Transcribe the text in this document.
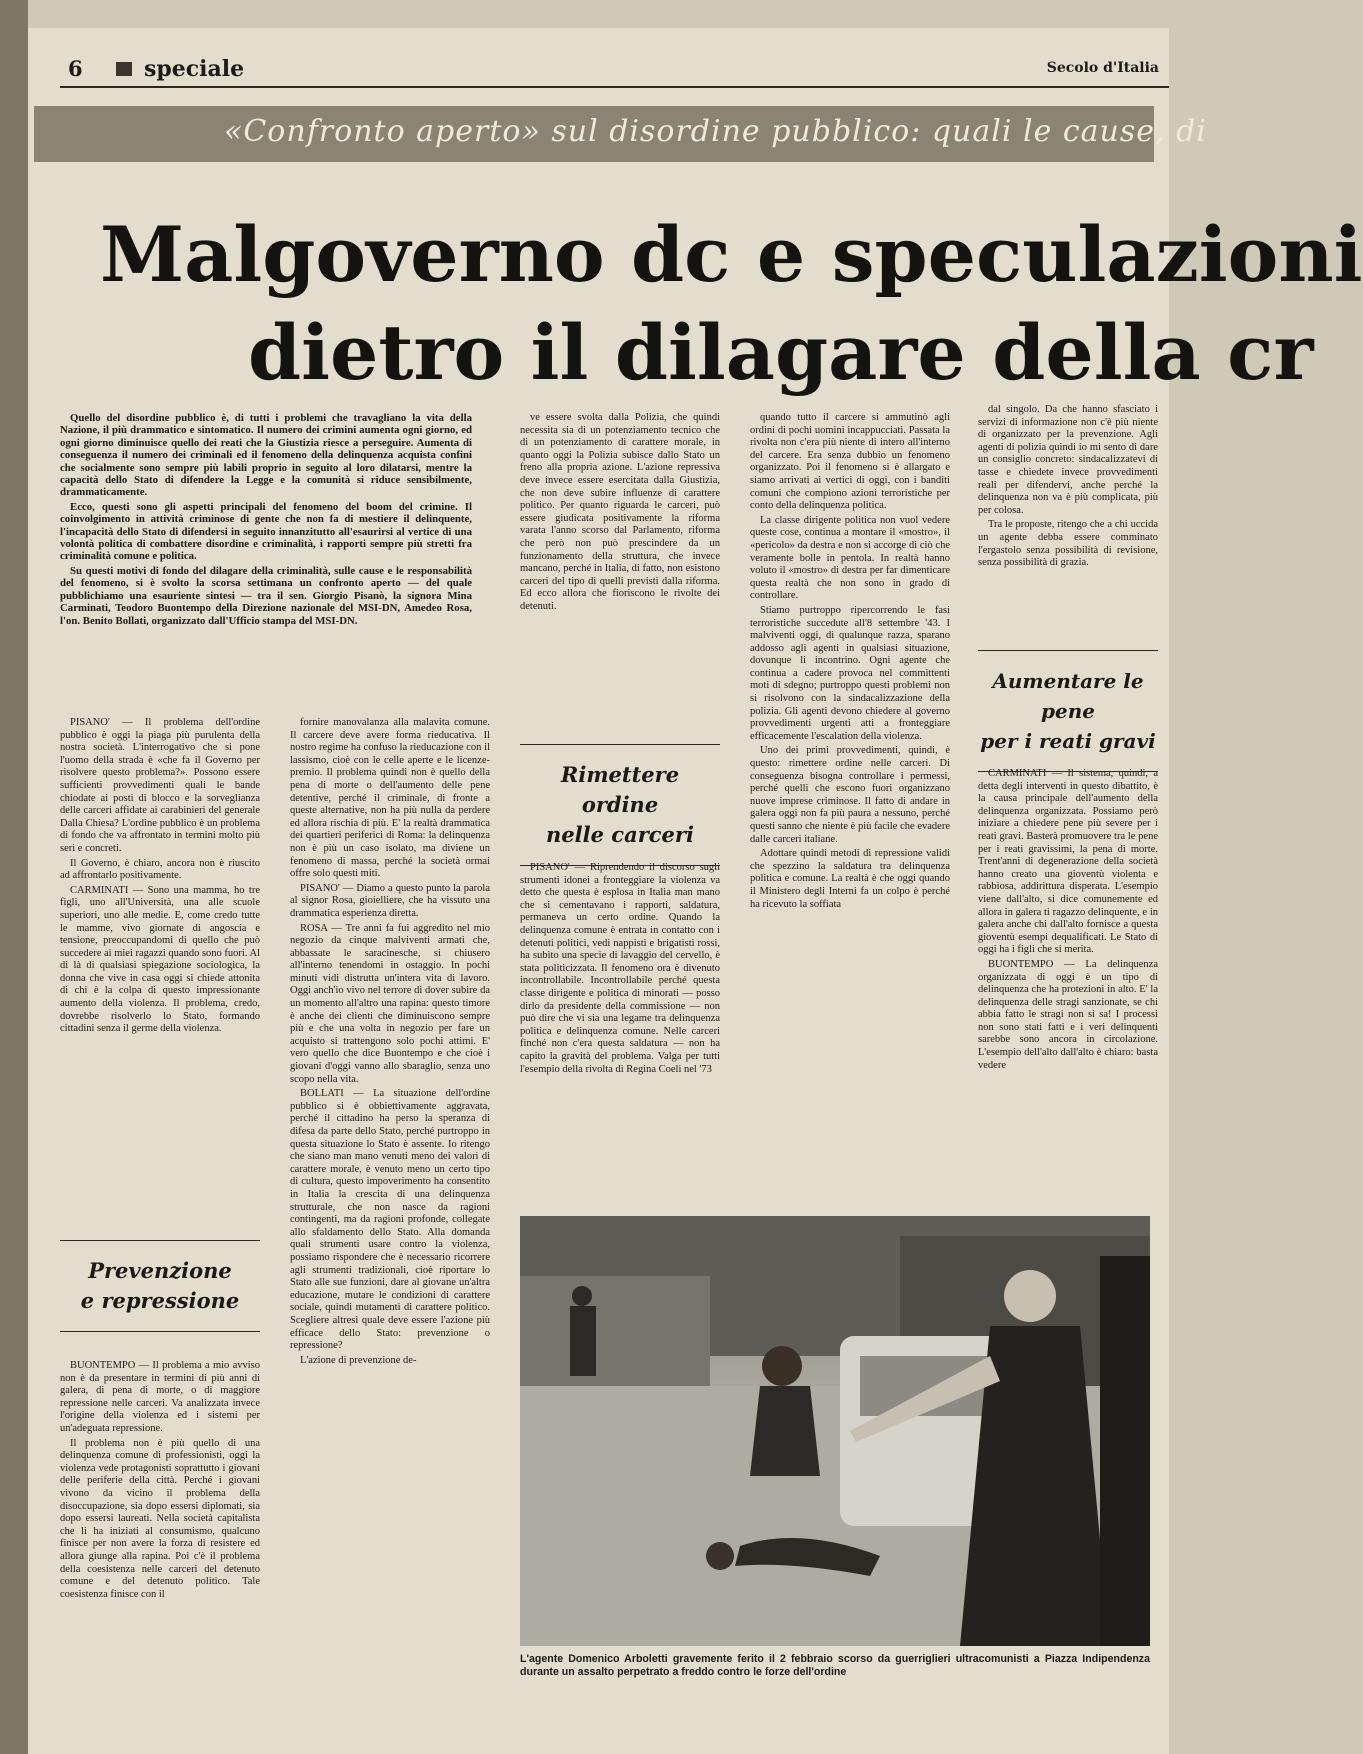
6	speciale	Secolo d'Italia
«Confronto aperto» sul disordine pubblico: quali le cause, di
Malgoverno dc e speculazioni
dietro il dilagare della cr

Quello del disordine pubblico è, di tutti i problemi che travagliano la vita della Nazione, il più drammatico e sintomatico. Il numero dei crimini aumenta ogni giorno, ed ogni giorno diminuisce quello dei reati che la Giustizia riesce a perseguire. Aumenta di conseguenza il numero dei criminali ed il fenomeno della delinquenza acquista confini che socialmente sono sempre più labili proprio in seguito al loro dilatarsi, mentre la capacità dello Stato di difendere la Legge e la comunità si riduce sensibilmente, drammaticamente.

Ecco, questi sono gli aspetti principali del fenomeno del boom del crimine. Il coinvolgimento in attività criminose di gente che non fa di mestiere il delinquente, l'incapacità dello Stato di difendersi in seguito innanzitutto all'esaurirsi al vertice di una volontà politica di combattere disordine e criminalità, i rapporti sempre più stretti fra criminalità comune e politica.

Su questi motivi di fondo del dilagare della criminalità, sulle cause e le responsabilità del fenomeno, si è svolto la scorsa settimana un confronto aperto — del quale pubblichiamo una esauriente sintesi — tra il sen. Giorgio Pisanò, la signora Mina Carminati, Teodoro Buontempo della Direzione nazionale del MSI-DN, Amedeo Rosa, l'on. Benito Bollati, organizzato dall'Ufficio stampa del MSI-DN.

PISANO' — Il problema dell'ordine pubblico è oggi la piaga più purulenta della nostra società. L'interrogativo che si pone l'uomo della strada è «che fa il Governo per risolvere questo problema?». Possono essere sufficienti provvedimenti quali le bande chiodate ai posti di blocco e la sorveglianza delle carceri affidate ai carabinieri del generale Dalla Chiesa? L'ordine pubblico è un problema di fondo che va affrontato in termini molto più seri e concreti.

Il Governo, è chiaro, ancora non è riuscito ad affrontarlo positivamente.

CARMINATI — Sono una mamma, ho tre figli, uno all'Università, una alle scuole superiori, uno alle medie. E, come credo tutte le mamme, vivo giornate di angoscia e tensione, preoccupandomi di quello che può succedere ai miei ragazzi quando sono fuori. Al di là di qualsiasi spiegazione sociologica, la donna che vive in casa oggi si chiede attonita di chi è la colpa di questo impressionante aumento della violenza. Il problema, credo, dovrebbe risolverlo lo Stato, formando cittadini senza il germe della violenza.

Prevenzione
e repressione

BUONTEMPO — Il problema a mio avviso non è da presentare in termini di più anni di galera, di pena di morte, o di maggiore repressione nelle carceri. Va analizzata invece l'origine della violenza ed i sistemi per un'adeguata repressione.

Il problema non è più quello di una delinquenza comune di professionisti, oggi la violenza vede protagonisti soprattutto i giovani delle periferie della città. Perché i giovani vivono da vicino il problema della disoccupazione, sia dopo essersi diplomati, sia dopo essersi laureati. Nella società capitalista che li ha iniziati al consumismo, qualcuno finisce per non avere la forza di resistere ed allora giunge alla rapina. Poi c'è il problema della coesistenza nelle carceri del detenuto comune e del detenuto politico. Tale coesistenza finisce con il

fornire manovalanza alla malavita comune. Il carcere deve avere forma rieducativa. Il nostro regime ha confuso la rieducazione con il lassismo, cioè con le celle aperte e le licenze-premio. Il problema quindi non è quello della pena di morte o dell'aumento delle pene detentive, perché il criminale, di fronte a queste alternative, non ha più nulla da perdere ed allora rischia di più. E' la realtà drammatica dei quartieri periferici di Roma: la delinquenza non è più un caso isolato, ma diviene un fenomeno di massa, perché la società ormai offre solo questi miti.

PISANO' — Diamo a questo punto la parola al signor Rosa, gioielliere, che ha vissuto una drammatica esperienza diretta.

ROSA — Tre anni fa fui aggredito nel mio negozio da cinque malviventi armati che, abbassate le saracinesche, si chiusero all'interno tenendomi in ostaggio. In pochi minuti vidi distrutta un'intera vita di lavoro. Oggi anch'io vivo nel terrore di dover subire da un momento all'altro una rapina: questo timore è anche dei clienti che diminuiscono sempre più e che una volta in negozio per fare un acquisto si trattengono solo pochi attimi. E' vero quello che dice Buontempo e che cioè i giovani d'oggi vanno allo sbaraglio, senza uno scopo nella vita.

BOLLATI — La situazione dell'ordine pubblico si è obbiettivamente aggravata, perché il cittadino ha perso la speranza di difesa da parte dello Stato, perché purtroppo in questa situazione lo Stato è assente. Io ritengo che siano man mano venuti meno dei valori di carattere morale, è venuto meno un certo tipo di cultura, questo impoverimento ha consentito in Italia la crescita di una delinquenza strutturale, che non nasce da ragioni contingenti, ma da ragioni profonde, collegate allo sfaldamento dello Stato. Alla domanda quali strumenti usare contro la violenza, possiamo rispondere che è necessario ricorrere agli strumenti tradizionali, cioè riportare lo Stato alle sue funzioni, dare al giovane un'altra educazione, mutare le condizioni di carattere sociale, quindi mutamenti di carattere politico. Scegliere altresì quale deve essere l'azione più efficace dello Stato: prevenzione o repressione?

L'azione di prevenzione de-

ve essere svolta dalla Polizia, che quindi necessita sia di un potenziamento tecnico che di un potenziamento di carattere morale, in quanto oggi la Polizia subisce dallo Stato un freno alla propria azione. L'azione repressiva deve invece essere esercitata dalla Giustizia, che non deve subire influenze di carattere politico. Per quanto riguarda le carceri, può essere giudicata positivamente la riforma varata l'anno scorso dal Parlamento, riforma che però non può prescindere da un funzionamento della struttura, che invece mancano, perché in Italia, di fatto, non esistono carceri del tipo di quelli previsti dalla riforma. Ed ecco allora che fioriscono le rivolte dei detenuti.

Rimettere ordine
nelle carceri

PISANO' — Riprendendo il discorso sugli strumenti idonei a fronteggiare la violenza va detto che questa è esplosa in Italia man mano che si cementavano i rapporti, saldatura, permaneva un certo ordine. Quando la delinquenza comune è entrata in contatto con i detenuti politici, vedi nappisti e brigatisti rossi, ha subìto una specie di lavaggio del cervello, è stata politicizzata. Il fenomeno ora è divenuto incontrollabile. Incontrollabile perché questa classe dirigente e politica di minorati — posso dirlo da presidente della commissione — non può dire che vi sia una legame tra delinquenza politica e delinquenza comune. Nelle carceri finché non c'era questa saldatura — non ha capito la gravità del problema. Valga per tutti l'esempio della rivolta di Regina Coeli nel '73

quando tutto il carcere si ammutinò agli ordini di pochi uomini incappucciati. Passata la rivolta non c'era più niente di intero all'interno del carcere. Era senza dubbio un fenomeno organizzato. Poi il fenomeno si è allargato e siamo arrivati ai vertici di oggi, con i banditi comuni che compiono azioni terroristiche per conto della delinquenza politica.

La classe dirigente politica non vuol vedere queste cose, continua a montare il «mostro», il «pericolo» da destra e non si accorge di ciò che veramente bolle in pentola. In realtà hanno voluto il «mostro» di destra per far dimenticare questa realtà che non sono in grado di controllare.

Stiamo purtroppo ripercorrendo le fasi terroristiche succedute all'8 settembre '43. I malviventi oggi, di qualunque razza, sparano addosso agli agenti in qualsiasi situazione, dovunque li incontrino. Ogni agente che continua a cadere provoca nel committenti moti di sdegno; purtroppo questi problemi non si risolvono con la sindacalizzazione della polizia. Gli agenti devono chiedere al governo provvedimenti urgenti atti a fronteggiare efficacemente l'escalation della violenza.

Uno dei primi provvedimenti, quindi, è questo: rimettere ordine nelle carceri. Di conseguenza bisogna controllare i permessi, perché quelli che escono fuori organizzano nuove imprese criminose. Il fatto di andare in galera oggi non fa più paura a nessuno, perché questi sanno che niente è più facile che evadere dalle carceri italiane.

Adottare quindi metodi di repressione validi che spezzino la saldatura tra delinquenza politica e comune. La realtà è che oggi quando il Ministero degli Interni fa un colpo è perché ha ricevuto la soffiata

dal singolo. Da che hanno sfasciato i servizi di informazione non c'è più niente di organizzato per la prevenzione. Agli agenti di polizia quindi io mi sento di dare un consiglio concreto: sindacalizzatevi di tasse e chiedete invece provvedimenti reali per difendervi, anche perché la delinquenza non va è più complicata, più per colosa.

Tra le proposte, ritengo che a chi uccida un agente debba essere comminato l'ergastolo senza possibilità di revisione, senza possibilità di grazia.

Aumentare le pene
per i reati gravi

CARMINATI — Il sistema, quindi, a detta degli interventi in questo dibattito, è la causa principale dell'aumento della delinquenza organizzata. Possiamo però iniziare a chiedere pene più severe per i reati gravi. Basterà promuovere tra le pene per i reati gravissimi, la pena di morte. Trent'anni di degenerazione della società hanno creato una gioventù violenta e rabbiosa, addirittura disperata. L'esempio viene dall'alto, si dice comunemente ed allora in galera ti ragazzo delinquente, e in galera anche chi dall'alto fornisce a questa gioventù esempi dequalificati. Le Stato di oggi ha i figli che si merita.

BUONTEMPO — La delinquenza organizzata di oggi è un tipo di delinquenza che ha protezioni in alto. E' la delinquenza delle stragi sanzionate, se chi abbia fatto le stragi non si sa! I processi non sono stati fatti e i veri delinquenti sarebbe sono ancora in circolazione. L'esempio dell'alto dall'alto è chiaro: basta vedere

L'agente Domenico Arboletti gravemente ferito il 2 febbraio scorso da guerriglieri ultracomunisti a Piazza Indipendenza durante un assalto perpetrato a freddo contro le forze dell'ordine
